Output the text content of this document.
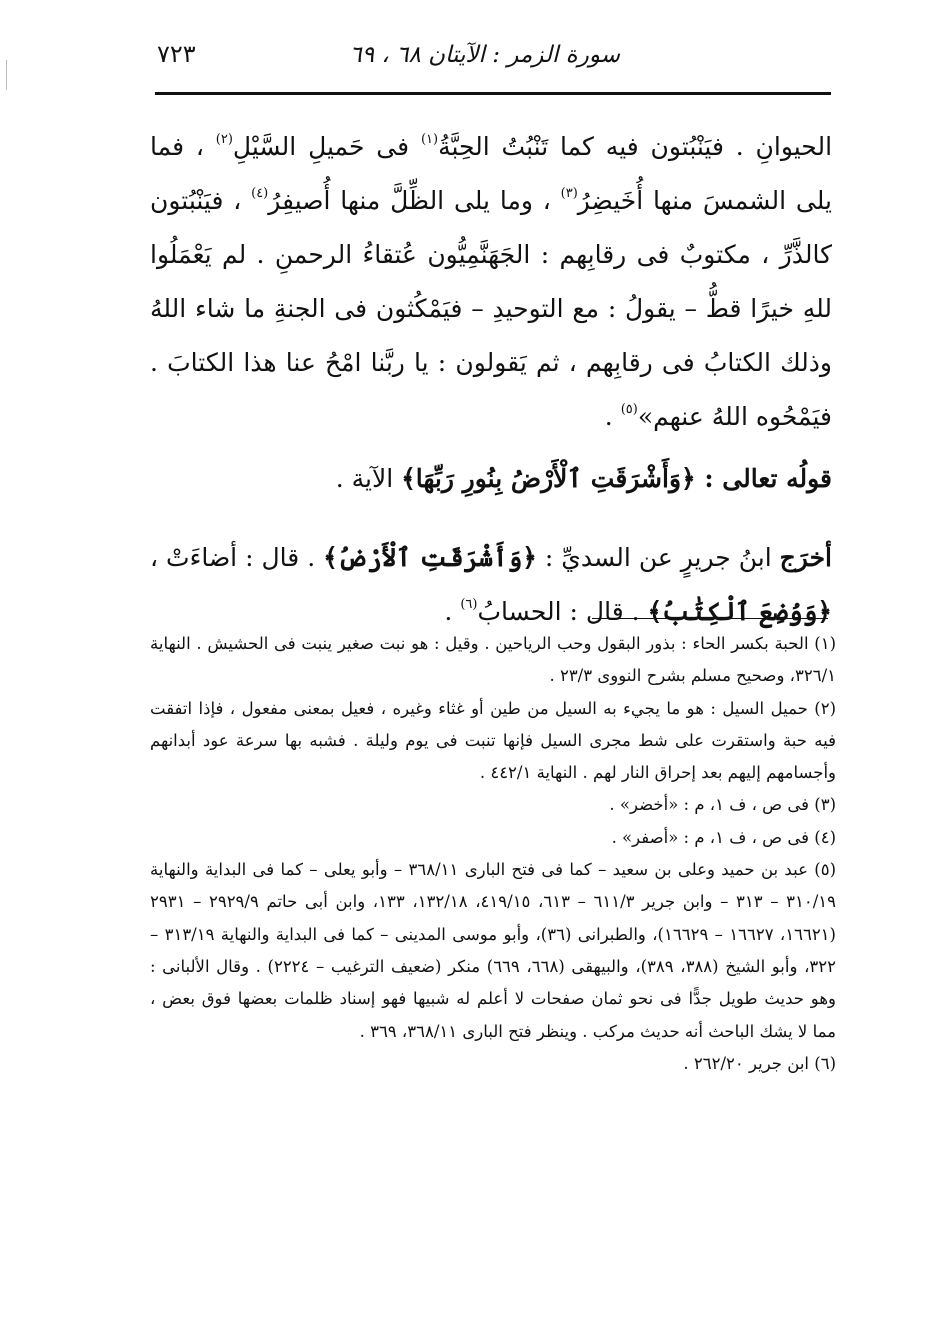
سورة الزمر : الآيتان ٦٨ ، ٦٩
٧٢٣

الحيوانِ . فيَنْبُتون فيه كما تَنْبُتُ الحِبَّةُ$^{(١)}$ فى حَميلِ السَّيْلِ$^{(٢)}$ ، فما يلى الشمسَ منها أُخَيضِرُ$^{(٣)}$ ، وما يلى الظِّلَّ منها أُصيفِرُ$^{(٤)}$ ، فيَنْبُتون كالذَّرِّ ، مكتوبٌ فى رقابِهم : الجَهَنَّمِيُّون عُتقاءُ الرحمنِ . لم يَعْمَلُوا للهِ خيرًا قطُّ – يقولُ : مع التوحيدِ – فيَمْكُثون فى الجنةِ ما شاء اللهُ وذلك الكتابُ فى رقابِهم ، ثم يَقولون : يا ربَّنا امْحُ عنا هذا الكتابَ . فيَمْحُوه اللهُ عنهم»$^{(٥)}$ .

قولُه تعالى : ﴿وَأَشْرَقَتِ ٱلْأَرْضُ بِنُورِ رَبِّهَا﴾ الآية .

أخرَج ابنُ جريرٍ عن السديِّ : ﴿وَأَشْرَقَتِ ٱلْأَرْضُ﴾ . قال : أضاءَتْ ، ﴿وَوُضِعَ ٱلْكِتَٰبُ﴾ . قال : الحسابُ$^{(٦)}$ .

(١) الحبة بكسر الحاء : بذور البقول وحب الرياحين . وقيل : هو نبت صغير ينبت فى الحشيش . النهاية ٣٢٦/١، وصحيح مسلم بشرح النووى ٢٣/٣ .

(٢) حميل السيل : هو ما يجيء به السيل من طين أو غثاء وغيره ، فعيل بمعنى مفعول ، فإذا اتفقت فيه حبة واستقرت على شط مجرى السيل فإنها تنبت فى يوم وليلة . فشبه بها سرعة عود أبدانهم وأجسامهم إليهم بعد إحراق النار لهم . النهاية ٤٤٢/١ .

(٣) فى ص ، ف ١، م : «أخضر» .

(٤) فى ص ، ف ١، م : «أصفر» .

(٥) عبد بن حميد وعلى بن سعيد – كما فى فتح البارى ٣٦٨/١١ – وأبو يعلى – كما فى البداية والنهاية ٣١٠/١٩ – ٣١٣ – وابن جرير ٦١١/٣ – ٦١٣، ٤١٩/١٥، ١٣٢/١٨، ١٣٣، وابن أبى حاتم ٢٩٢٩/٩ – ٢٩٣١ (١٦٦٢١، ١٦٦٢٧ – ١٦٦٢٩)، والطبرانى (٣٦)، وأبو موسى المدينى – كما فى البداية والنهاية ٣١٣/١٩ – ٣٢٢، وأبو الشيخ (٣٨٨، ٣٨٩)، والبيهقى (٦٦٨، ٦٦٩) منكر (ضعيف الترغيب – ٢٢٢٤) . وقال الألبانى : وهو حديث طويل جدًّا فى نحو ثمان صفحات لا أعلم له شبيها فهو إسناد ظلمات بعضها فوق بعض ، مما لا يشك الباحث أنه حديث مركب . وينظر فتح البارى ٣٦٨/١١، ٣٦٩ .

(٦) ابن جرير ٢٦٢/٢٠ .
